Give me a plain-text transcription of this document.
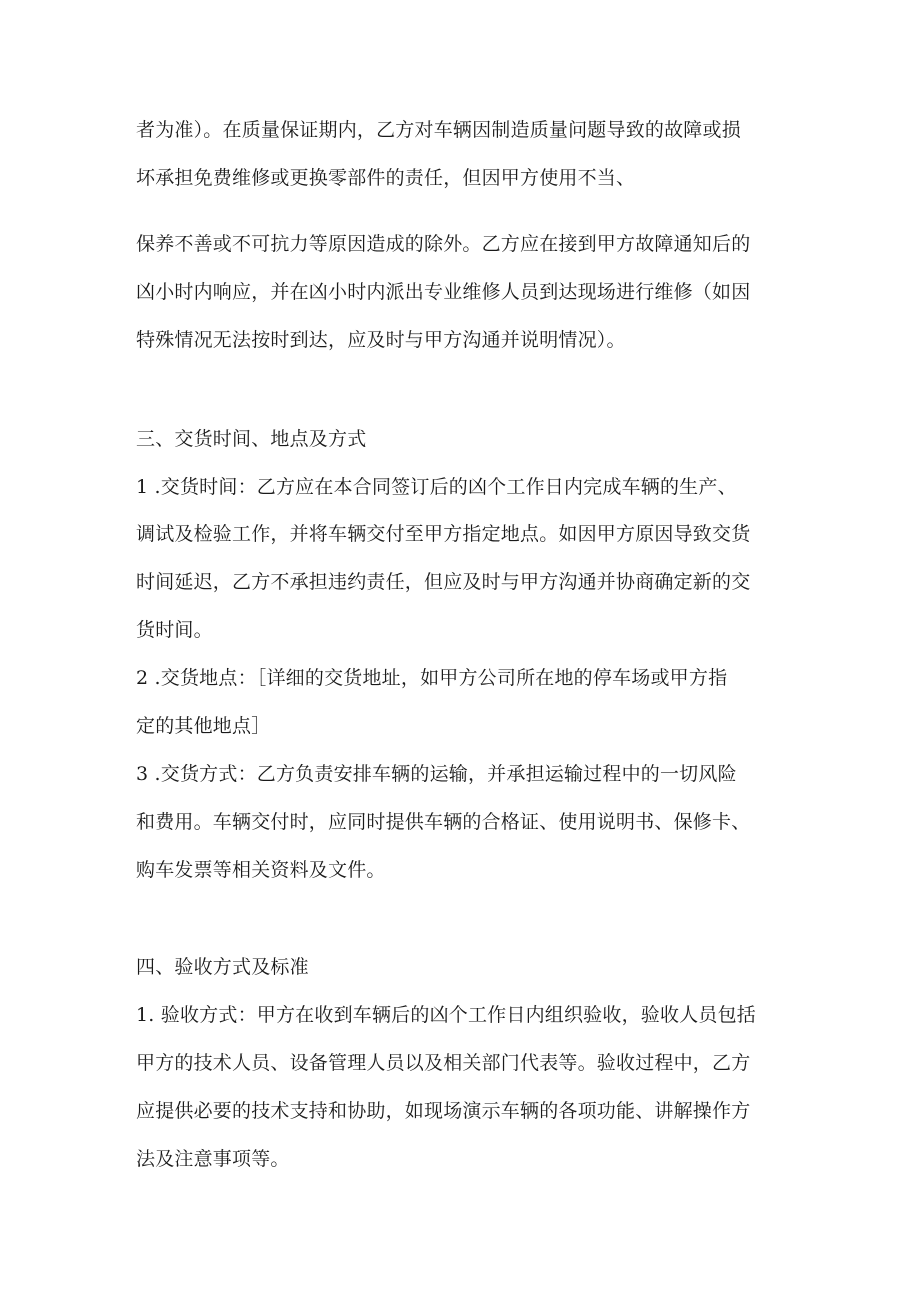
者为准）。在质量保证期内，乙方对车辆因制造质量问题导致的故障或损
坏承担免费维修或更换零部件的责任，但因甲方使用不当、
保养不善或不可抗力等原因造成的除外。乙方应在接到甲方故障通知后的
凶小时内响应，并在凶小时内派出专业维修人员到达现场进行维修（如因
特殊情况无法按时到达，应及时与甲方沟通并说明情况）。
三、交货时间、地点及方式
1 .交货时间：乙方应在本合同签订后的凶个工作日内完成车辆的生产、
调试及检验工作，并将车辆交付至甲方指定地点。如因甲方原因导致交货
时间延迟，乙方不承担违约责任，但应及时与甲方沟通并协商确定新的交
货时间。
2 .交货地点：［详细的交货地址，如甲方公司所在地的停车场或甲方指
定的其他地点］
3 .交货方式：乙方负责安排车辆的运输，并承担运输过程中的一切风险
和费用。车辆交付时，应同时提供车辆的合格证、使用说明书、保修卡、
购车发票等相关资料及文件。
四、验收方式及标准
1. 验收方式：甲方在收到车辆后的凶个工作日内组织验收，验收人员包括
甲方的技术人员、设备管理人员以及相关部门代表等。验收过程中，乙方
应提供必要的技术支持和协助，如现场演示车辆的各项功能、讲解操作方
法及注意事项等。
